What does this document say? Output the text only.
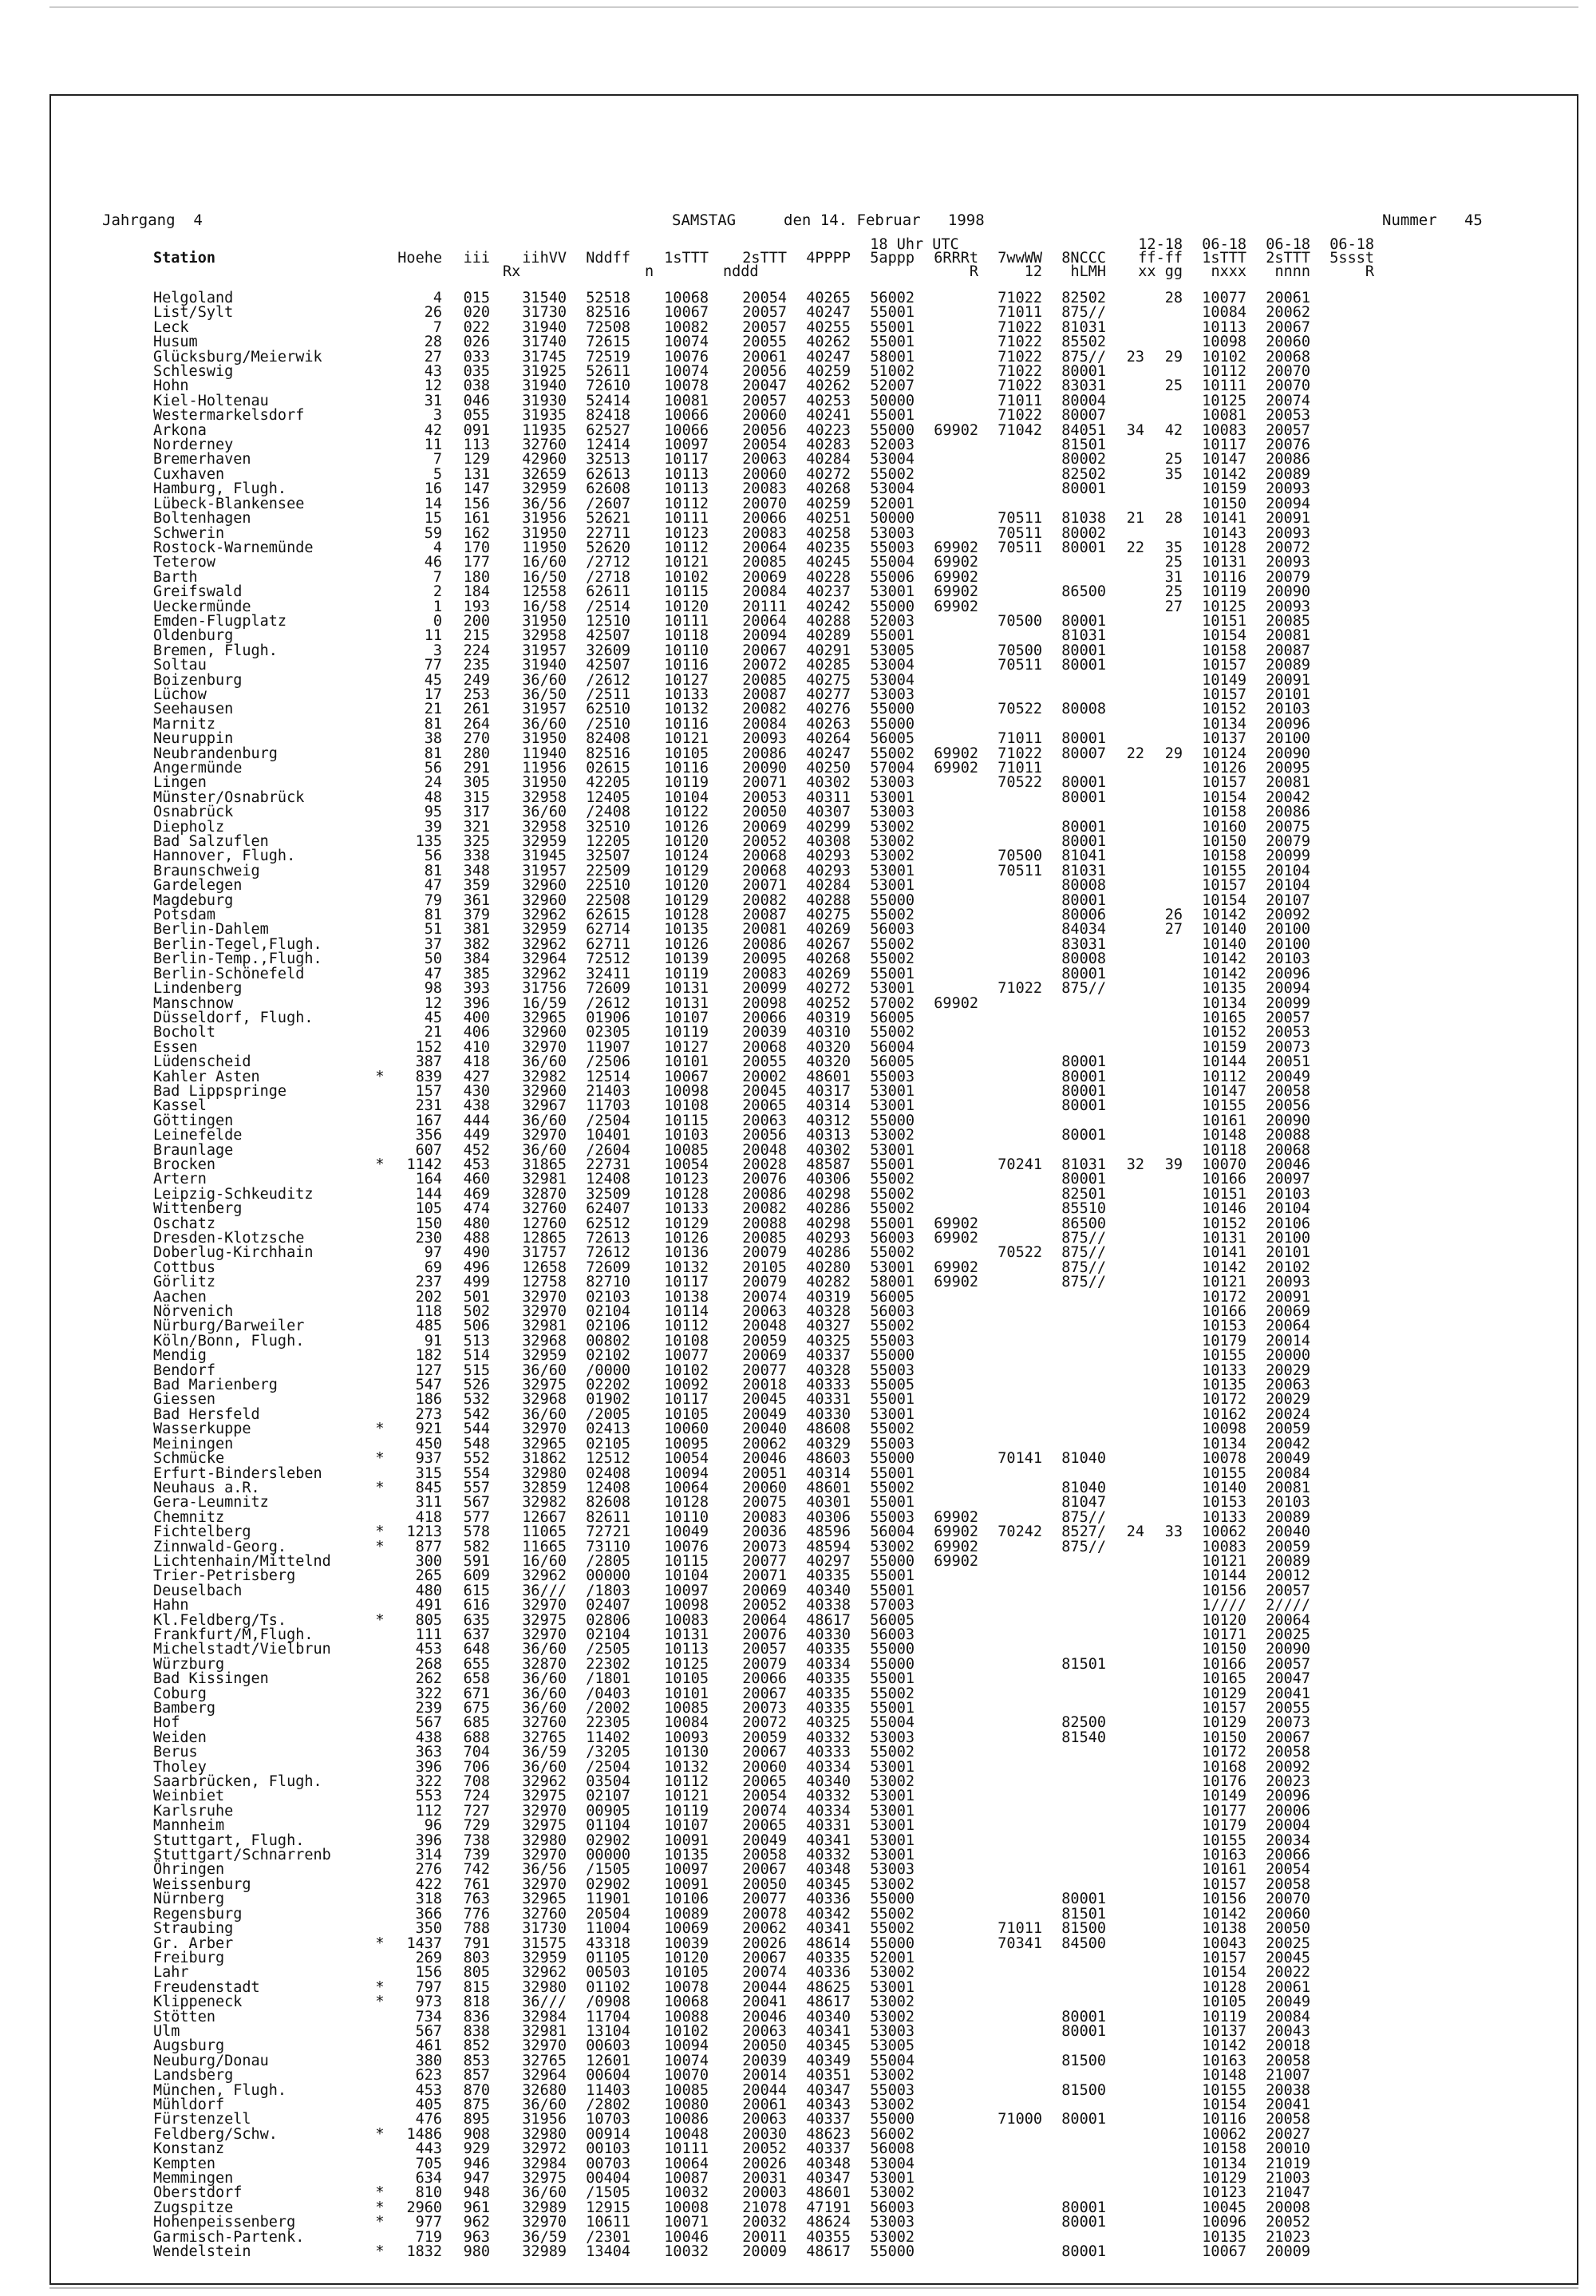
Jahrgang 4	SAMSTAG	den 14. Februar   1998	Nummer 45
Station									18 Uhr UTC				12-18		06-18	06-18	06-18
		Hoehe	iii	iihVV	Nddff	1sTTT	2sTTT	4PPPP	5appp	6RRRt	7wwWW	8NCCC	ff-ff		1sTTT	2sTTT	5ssst
				Rx		n	nddd			R	12	hLMH	xx gg		nxxx	nnnn	R
Helgoland		4	015	31540	52518	10068	20054	40265	56002		71022	82502		28	10077	20061	
List/Sylt		26	020	31730	82516	10067	20057	40247	55001		71011	875//			10084	20062	
Leck		7	022	31940	72508	10082	20057	40255	55001		71022	81031			10113	20067	
Husum		28	026	31740	72615	10074	20055	40262	55001		71022	85502			10098	20060	
Glücksburg/Meierwik		27	033	31745	72519	10076	20061	40247	58001		71022	875//	23	29	10102	20068	
Schleswig		43	035	31925	52611	10074	20056	40259	51002		71022	80001			10112	20070	
Hohn		12	038	31940	72610	10078	20047	40262	52007		71022	83031		25	10111	20070	
Kiel-Holtenau		31	046	31930	52414	10081	20057	40253	50000		71011	80004			10125	20074	
Westermarkelsdorf		3	055	31935	82418	10066	20060	40241	55001		71022	80007			10081	20053	
Arkona		42	091	11935	62527	10066	20056	40223	55000	69902	71042	84051	34	42	10083	20057	
Norderney		11	113	32760	12414	10097	20054	40283	52003			81501			10117	20076	
Bremerhaven		7	129	42960	32513	10117	20063	40284	53004			80002		25	10147	20086	
Cuxhaven		5	131	32659	62613	10113	20060	40272	55002			82502		35	10142	20089	
Hamburg, Flugh.		16	147	32959	62608	10113	20083	40268	53004			80001			10159	20093	
Lübeck-Blankensee		14	156	36/56	/2607	10112	20070	40259	52001						10150	20094	
Boltenhagen		15	161	31956	52621	10111	20066	40251	50000		70511	81038	21	28	10141	20091	
Schwerin		59	162	31950	22711	10123	20083	40258	53003		70511	80002			10143	20093	
Rostock-Warnemünde		4	170	11950	52620	10112	20064	40235	55003	69902	70511	80001	22	35	10128	20072	
Teterow		46	177	16/60	/2712	10121	20085	40245	55004	69902				25	10131	20093	
Barth		7	180	16/50	/2718	10102	20069	40228	55006	69902				31	10116	20079	
Greifswald		2	184	12558	62611	10115	20084	40237	53001	69902		86500		25	10119	20090	
Ueckermünde		1	193	16/58	/2514	10120	20111	40242	55000	69902				27	10125	20093	
Emden-Flugplatz		0	200	31950	12510	10111	20064	40288	52003		70500	80001			10151	20085	
Oldenburg		11	215	32958	42507	10118	20094	40289	55001			81031			10154	20081	
Bremen, Flugh.		3	224	31957	32609	10110	20067	40291	53005		70500	80001			10158	20087	
Soltau		77	235	31940	42507	10116	20072	40285	53004		70511	80001			10157	20089	
Boizenburg		45	249	36/60	/2612	10127	20085	40275	53004						10149	20091	
Lüchow		17	253	36/50	/2511	10133	20087	40277	53003						10157	20101	
Seehausen		21	261	31957	62510	10132	20082	40276	55000		70522	80008			10152	20103	
Marnitz		81	264	36/60	/2510	10116	20084	40263	55000						10134	20096	
Neuruppin		38	270	31950	82408	10121	20093	40264	56005		71011	80001			10137	20100	
Neubrandenburg		81	280	11940	82516	10105	20086	40247	55002	69902	71022	80007	22	29	10124	20090	
Angermünde		56	291	11956	02615	10116	20090	40250	57004	69902	71011				10126	20095	
Lingen		24	305	31950	42205	10119	20071	40302	53003		70522	80001			10157	20081	
Münster/Osnabrück		48	315	32958	12405	10104	20053	40311	53001			80001			10154	20042	
Osnabrück		95	317	36/60	/2408	10122	20050	40307	53003						10158	20086	
Diepholz		39	321	32958	32510	10126	20069	40299	53002			80001			10160	20075	
Bad Salzuflen		135	325	32959	12205	10120	20052	40308	53002			80001			10150	20079	
Hannover, Flugh.		56	338	31945	32507	10124	20068	40293	53002		70500	81041			10158	20099	
Braunschweig		81	348	31957	22509	10129	20068	40293	53001		70511	81031			10155	20104	
Gardelegen		47	359	32960	22510	10120	20071	40284	53001			80008			10157	20104	
Magdeburg		79	361	32960	22508	10129	20082	40288	55000			80001			10154	20107	
Potsdam		81	379	32962	62615	10128	20087	40275	55002			80006		26	10142	20092	
Berlin-Dahlem		51	381	32959	62714	10135	20081	40269	56003			84034		27	10140	20100	
Berlin-Tegel,Flugh.		37	382	32962	62711	10126	20086	40267	55002			83031			10140	20100	
Berlin-Temp.,Flugh.		50	384	32964	72512	10139	20095	40268	55002			80008			10142	20103	
Berlin-Schönefeld		47	385	32962	32411	10119	20083	40269	55001			80001			10142	20096	
Lindenberg		98	393	31756	72609	10131	20099	40272	53001		71022	875//			10135	20094	
Manschnow		12	396	16/59	/2612	10131	20098	40252	57002	69902					10134	20099	
Düsseldorf, Flugh.		45	400	32965	01906	10107	20066	40319	56005						10165	20057	
Bocholt		21	406	32960	02305	10119	20039	40310	55002						10152	20053	
Essen		152	410	32970	11907	10127	20068	40320	56004						10159	20073	
Lüdenscheid		387	418	36/60	/2506	10101	20055	40320	56005			80001			10144	20051	
Kahler Asten	*	839	427	32982	12514	10067	20002	48601	55003			80001			10112	20049	
Bad Lippspringe		157	430	32960	21403	10098	20045	40317	53001			80001			10147	20058	
Kassel		231	438	32967	11703	10108	20065	40314	53001			80001			10155	20056	
Göttingen		167	444	36/60	/2504	10115	20063	40312	55000						10161	20090	
Leinefelde		356	449	32970	10401	10103	20056	40313	53002			80001			10148	20088	
Braunlage		607	452	36/60	/2604	10085	20048	40302	53001						10118	20068	
Brocken	*	1142	453	31865	22731	10054	20028	48587	55001		70241	81031	32	39	10070	20046	
Artern		164	460	32981	12408	10123	20076	40306	55002			80001			10166	20097	
Leipzig-Schkeuditz		144	469	32870	32509	10128	20086	40298	55002			82501			10151	20103	
Wittenberg		105	474	32760	62407	10133	20082	40286	55002			85510			10146	20104	
Oschatz		150	480	12760	62512	10129	20088	40298	55001	69902		86500			10152	20106	
Dresden-Klotzsche		230	488	12865	72613	10126	20085	40293	56003	69902		875//			10131	20100	
Doberlug-Kirchhain		97	490	31757	72612	10136	20079	40286	55002		70522	875//			10141	20101	
Cottbus		69	496	12658	72609	10132	20105	40280	53001	69902		875//			10142	20102	
Görlitz		237	499	12758	82710	10117	20079	40282	58001	69902		875//			10121	20093	
Aachen		202	501	32970	02103	10138	20074	40319	56005						10172	20091	
Nörvenich		118	502	32970	02104	10114	20063	40328	56003						10166	20069	
Nürburg/Barweiler		485	506	32981	02106	10112	20048	40327	55002						10153	20064	
Köln/Bonn, Flugh.		91	513	32968	00802	10108	20059	40325	55003						10179	20014	
Mendig		182	514	32959	02102	10077	20069	40337	55000						10155	20000	
Bendorf		127	515	36/60	/0000	10102	20077	40328	55003						10133	20029	
Bad Marienberg		547	526	32975	02202	10092	20018	40333	55005						10135	20063	
Giessen		186	532	32968	01902	10117	20045	40331	55001						10172	20029	
Bad Hersfeld		273	542	36/60	/2005	10105	20049	40330	53001						10162	20024	
Wasserkuppe	*	921	544	32970	02413	10060	20040	48608	55002						10098	20059	
Meiningen		450	548	32965	02105	10095	20062	40329	55003						10134	20042	
Schmücke	*	937	552	31862	12512	10054	20046	48603	55000		70141	81040			10078	20049	
Erfurt-Bindersleben		315	554	32980	02408	10094	20051	40314	55001						10155	20084	
Neuhaus a.R.	*	845	557	32859	12408	10064	20060	48601	55002			81040			10140	20081	
Gera-Leumnitz		311	567	32982	82608	10128	20075	40301	55001			81047			10153	20103	
Chemnitz		418	577	12667	82611	10110	20083	40306	55003	69902		875//			10133	20089	
Fichtelberg	*	1213	578	11065	72721	10049	20036	48596	56004	69902	70242	8527/	24	33	10062	20040	
Zinnwald-Georg.	*	877	582	11665	73110	10076	20073	48594	53002	69902		875//			10083	20059	
Lichtenhain/Mittelnd		300	591	16/60	/2805	10115	20077	40297	55000	69902					10121	20089	
Trier-Petrisberg		265	609	32962	00000	10104	20071	40335	55001						10144	20012	
Deuselbach		480	615	36///	/1803	10097	20069	40340	55001						10156	20057	
Hahn		491	616	32970	02407	10098	20052	40338	57003						1////	2////	
Kl.Feldberg/Ts.	*	805	635	32975	02806	10083	20064	48617	56005						10120	20064	
Frankfurt/M,Flugh.		111	637	32970	02104	10131	20076	40330	56003						10171	20025	
Michelstadt/Vielbrun		453	648	36/60	/2505	10113	20057	40335	55000						10150	20090	
Würzburg		268	655	32870	22302	10125	20079	40334	55000			81501			10166	20057	
Bad Kissingen		262	658	36/60	/1801	10105	20066	40335	55001						10165	20047	
Coburg		322	671	36/60	/0403	10101	20067	40335	55002						10129	20041	
Bamberg		239	675	36/60	/2002	10085	20073	40335	55001						10157	20055	
Hof		567	685	32760	22305	10084	20072	40325	55004			82500			10129	20073	
Weiden		438	688	32765	11402	10093	20059	40332	53003			81540			10150	20067	
Berus		363	704	36/59	/3205	10130	20067	40333	55002						10172	20058	
Tholey		396	706	36/60	/2504	10132	20060	40334	53001						10168	20092	
Saarbrücken, Flugh.		322	708	32962	03504	10112	20065	40340	53002						10176	20023	
Weinbiet		553	724	32975	02107	10121	20054	40332	53001						10149	20096	
Karlsruhe		112	727	32970	00905	10119	20074	40334	53001						10177	20006	
Mannheim		96	729	32975	01104	10107	20065	40331	53001						10179	20004	
Stuttgart, Flugh.		396	738	32980	02902	10091	20049	40341	53001						10155	20034	
Stuttgart/Schnarrenb		314	739	32970	00000	10135	20058	40332	53001						10163	20066	
Öhringen		276	742	36/56	/1505	10097	20067	40348	53003						10161	20054	
Weissenburg		422	761	32970	02902	10091	20050	40345	53002						10157	20058	
Nürnberg		318	763	32965	11901	10106	20077	40336	55000			80001			10156	20070	
Regensburg		366	776	32760	20504	10089	20078	40342	55002			81501			10142	20060	
Straubing		350	788	31730	11004	10069	20062	40341	55002		71011	81500			10138	20050	
Gr. Arber	*	1437	791	31575	43318	10039	20026	48614	55000		70341	84500			10043	20025	
Freiburg		269	803	32959	01105	10120	20067	40335	52001						10157	20045	
Lahr		156	805	32962	00503	10105	20074	40336	53002						10154	20022	
Freudenstadt	*	797	815	32980	01102	10078	20044	48625	53001						10128	20061	
Klippeneck	*	973	818	36///	/0908	10068	20041	48617	53002						10105	20049	
Stötten		734	836	32984	11704	10088	20046	40340	53002			80001			10119	20084	
Ulm		567	838	32981	13104	10102	20063	40341	53003			80001			10137	20043	
Augsburg		461	852	32970	00603	10094	20050	40345	53005						10142	20018	
Neuburg/Donau		380	853	32765	12601	10074	20039	40349	55004			81500			10163	20058	
Landsberg		623	857	32964	00604	10070	20014	40351	53002						10148	21007	
München, Flugh.		453	870	32680	11403	10085	20044	40347	55003			81500			10155	20038	
Mühldorf		405	875	36/60	/2802	10080	20061	40343	53002						10154	20041	
Fürstenzell		476	895	31956	10703	10086	20063	40337	55000		71000	80001			10116	20058	
Feldberg/Schw.	*	1486	908	32980	00914	10048	20030	48623	56002						10062	20027	
Konstanz		443	929	32972	00103	10111	20052	40337	56008						10158	20010	
Kempten		705	946	32984	00703	10064	20026	40348	53004						10134	21019	
Memmingen		634	947	32975	00404	10087	20031	40347	53001						10129	21003	
Oberstdorf	*	810	948	36/60	/1505	10032	20003	48601	53002						10123	21047	
Zugspitze	*	2960	961	32989	12915	10008	21078	47191	56003			80001			10045	20008	
Hohenpeissenberg	*	977	962	32970	10611	10071	20032	48624	53003			80001			10096	20052	
Garmisch-Partenk.		719	963	36/59	/2301	10046	20011	40355	53002						10135	21023	
Wendelstein	*	1832	980	32989	13404	10032	20009	48617	55000			80001			10067	20009	
